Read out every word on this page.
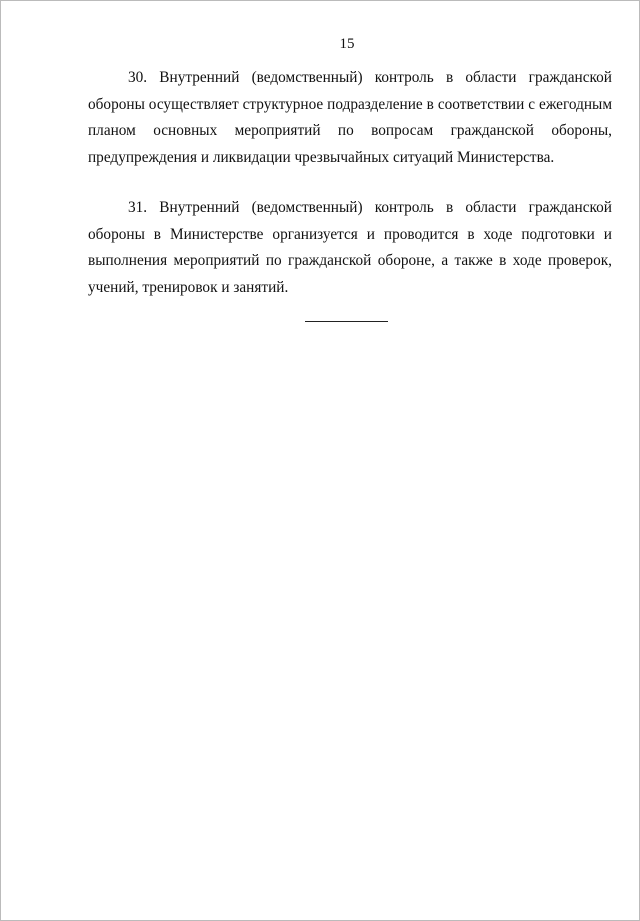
15

30. Внутренний (ведомственный) контроль в области гражданской обороны осуществляет структурное подразделение в соответствии с ежегодным планом основных мероприятий по вопросам гражданской обороны, предупреждения и ликвидации чрезвычайных ситуаций Министерства.

31. Внутренний (ведомственный) контроль в области гражданской обороны в Министерстве организуется и проводится в ходе подготовки и выполнения мероприятий по гражданской обороне, а также в ходе проверок, учений, тренировок и занятий.
